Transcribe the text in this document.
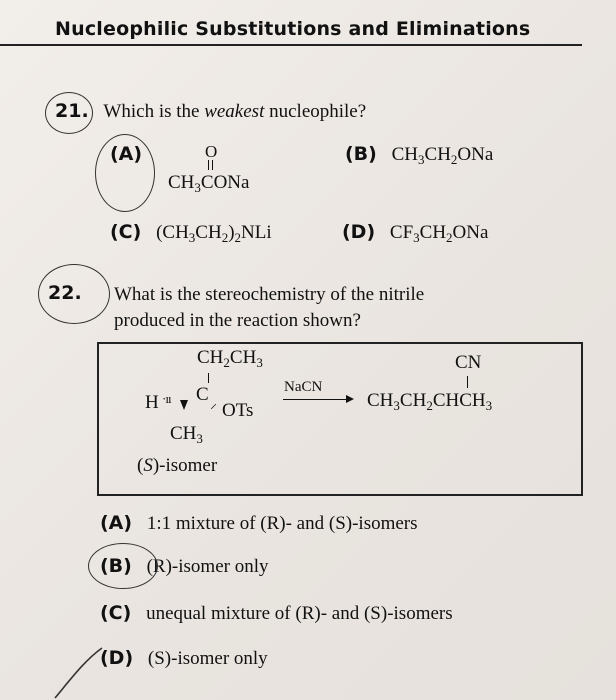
Nucleophilic Substitutions and Eliminations
21. Which is the weakest nucleophile?
(A)	O
$CH_3CONa$
(B) $CH_3CH_2ONa$
(C) $(CH_3CH_2)_2NLi$	(D) $CF_3CH_2ONa$
22. What is the stereochemistry of the nitrile
produced in the reaction shown?
$CH_2CH_3$
H ·ıı C ⸝ OTs
$CH_3$
(S)-isomer
NaCN
CN
$CH_3CH_2CHCH_3$
(A) 1:1 mixture of (R)- and (S)-isomers
(B) (R)-isomer only
(C) unequal mixture of (R)- and (S)-isomers
(D) (S)-isomer only
